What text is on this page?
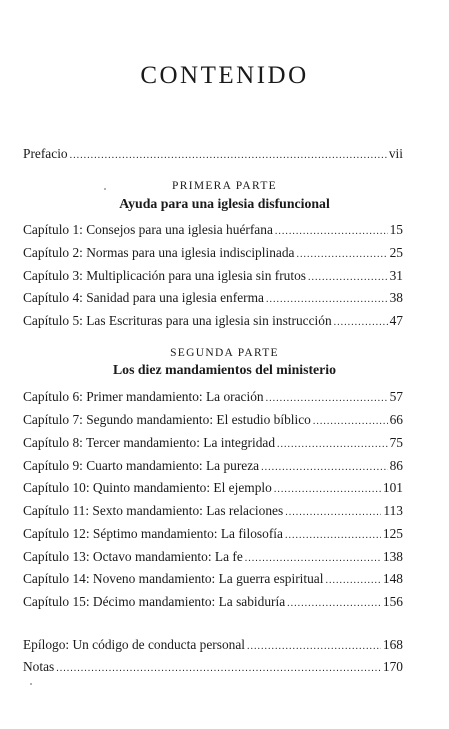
CONTENIDO
Prefacio .....	vii
PRIMERA PARTE
Ayuda para una iglesia disfuncional
Capítulo 1: Consejos para una iglesia huérfana .....	15
Capítulo 2: Normas para una iglesia indisciplinada .....	25
Capítulo 3: Multiplicación para una iglesia sin frutos .....	31
Capítulo 4: Sanidad para una iglesia enferma .....	38
Capítulo 5: Las Escrituras para una iglesia sin instrucción .....	47
SEGUNDA PARTE
Los diez mandamientos del ministerio
Capítulo 6: Primer mandamiento: La oración .....	57
Capítulo 7: Segundo mandamiento: El estudio bíblico .....	66
Capítulo 8: Tercer mandamiento: La integridad .....	75
Capítulo 9: Cuarto mandamiento: La pureza .....	86
Capítulo 10: Quinto mandamiento: El ejemplo .....	101
Capítulo 11: Sexto mandamiento: Las relaciones .....	113
Capítulo 12: Séptimo mandamiento: La filosofía .....	125
Capítulo 13: Octavo mandamiento: La fe .....	138
Capítulo 14: Noveno mandamiento: La guerra espiritual .....	148
Capítulo 15: Décimo mandamiento: La sabiduría .....	156
Epílogo: Un código de conducta personal .....	168
Notas .....	170
